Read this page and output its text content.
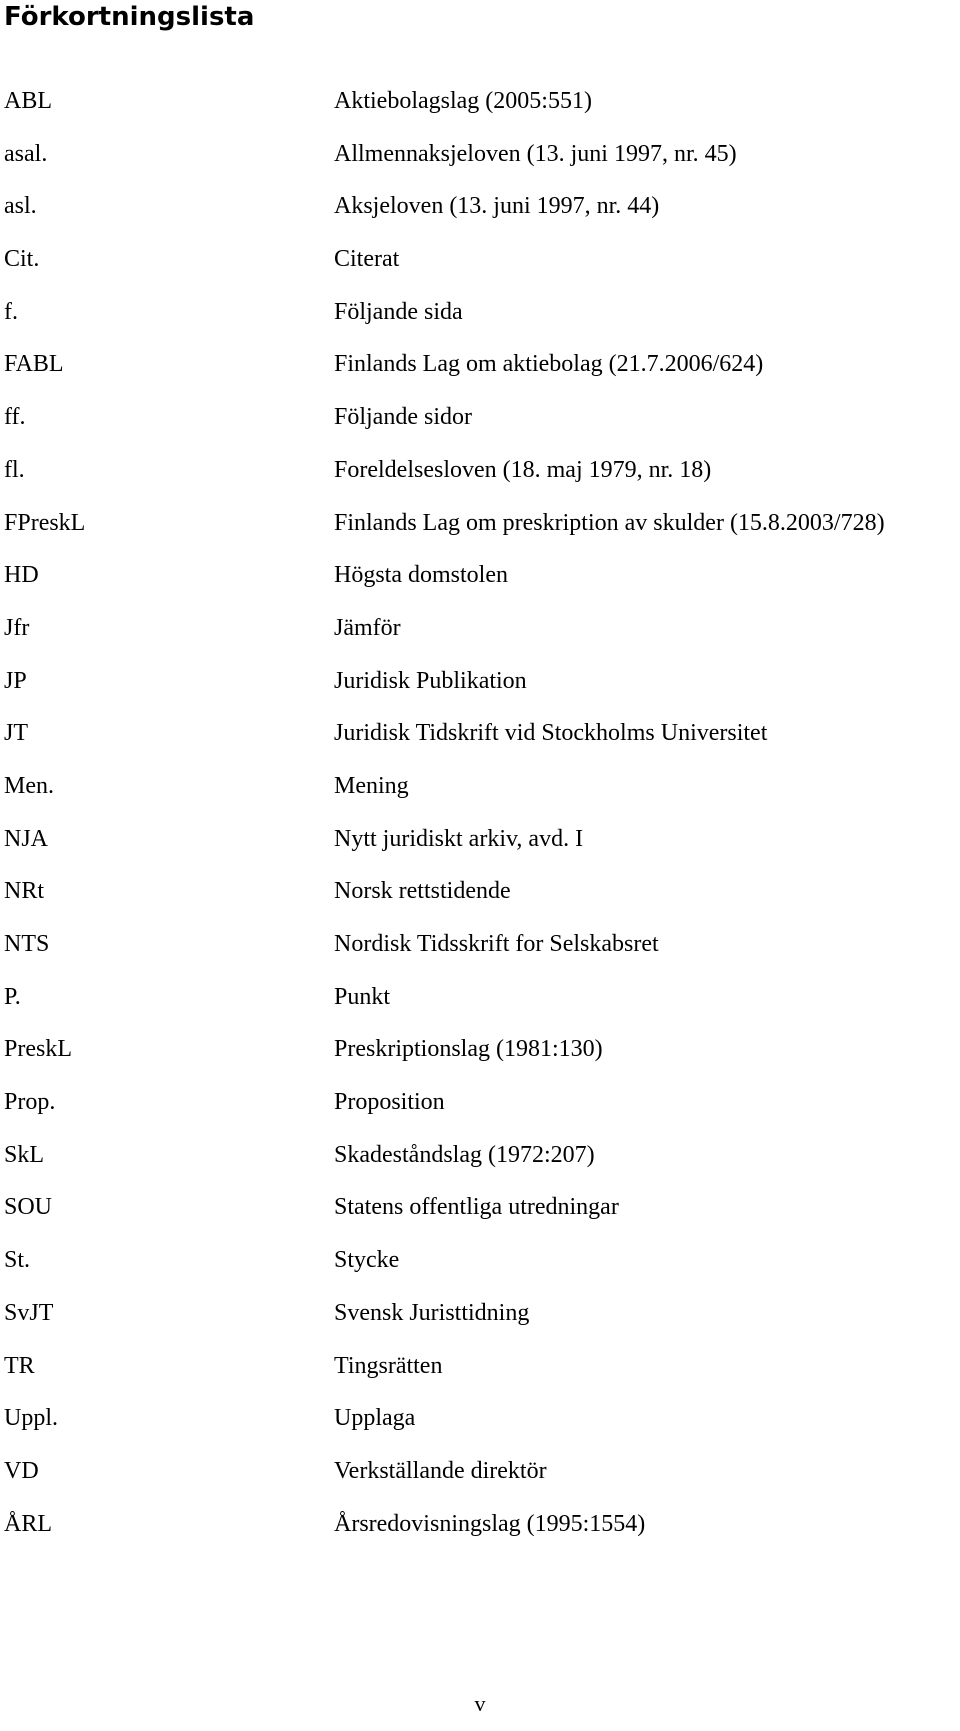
Förkortningslista
ABL	Aktiebolagslag (2005:551)
asal.	Allmennaksjeloven (13. juni 1997, nr. 45)
asl.	Aksjeloven (13. juni 1997, nr. 44)
Cit.	Citerat
f.	Följande sida
FABL	Finlands Lag om aktiebolag (21.7.2006/624)
ff.	Följande sidor
fl.	Foreldelsesloven (18. maj 1979, nr. 18)
FPreskL	Finlands Lag om preskription av skulder (15.8.2003/728)
HD	Högsta domstolen
Jfr	Jämför
JP	Juridisk Publikation
JT	Juridisk Tidskrift vid Stockholms Universitet
Men.	Mening
NJA	Nytt juridiskt arkiv, avd. I
NRt	Norsk rettstidende
NTS	Nordisk Tidsskrift for Selskabsret
P.	Punkt
PreskL	Preskriptionslag (1981:130)
Prop.	Proposition
SkL	Skadeståndslag (1972:207)
SOU	Statens offentliga utredningar
St.	Stycke
SvJT	Svensk Juristtidning
TR	Tingsrätten
Uppl.	Upplaga
VD	Verkställande direktör
ÅRL	Årsredovisningslag (1995:1554)
v
